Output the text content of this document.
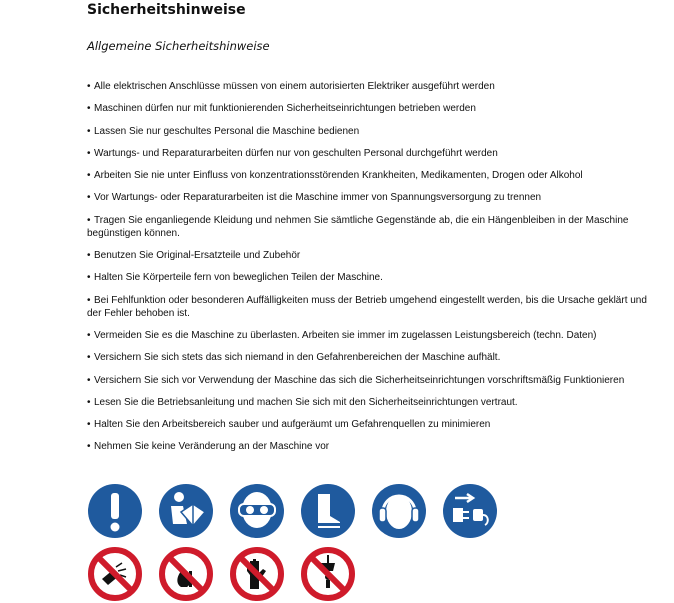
Sicherheitshinweise
Allgemeine Sicherheitshinweise
• Alle elektrischen Anschlüsse müssen von einem autorisierten Elektriker ausgeführt werden
• Maschinen dürfen nur mit funktionierenden Sicherheitseinrichtungen betrieben werden
• Lassen Sie nur geschultes Personal die Maschine bedienen
• Wartungs- und Reparaturarbeiten dürfen nur von geschulten Personal durchgeführt werden
• Arbeiten Sie nie unter Einfluss von konzentrationsstörenden Krankheiten, Medikamenten, Drogen oder Alkohol
• Vor Wartungs- oder Reparaturarbeiten ist die Maschine immer von Spannungsversorgung zu trennen
• Tragen Sie enganliegende Kleidung und nehmen Sie sämtliche Gegenstände ab, die ein Hängenbleiben in der Maschine begünstigen können.
• Benutzen Sie Original-Ersatzteile und Zubehör
• Halten Sie Körperteile fern von beweglichen Teilen der Maschine.
• Bei Fehlfunktion oder besonderen Auffälligkeiten muss der Betrieb umgehend eingestellt werden, bis die Ursache geklärt und der Fehler behoben ist.
• Vermeiden Sie es die Maschine zu überlasten. Arbeiten sie immer im zugelassen Leistungsbereich (techn. Daten)
• Versichern Sie sich stets das sich niemand in den Gefahrenbereichen der Maschine aufhält.
• Versichern Sie sich vor Verwendung der Maschine das sich die Sicherheitseinrichtungen vorschriftsmäßig Funktionieren
• Lesen Sie die Betriebsanleitung und machen Sie sich mit den Sicherheitseinrichtungen vertraut.
• Halten Sie den Arbeitsbereich sauber und aufgeräumt um Gefahrenquellen zu minimieren
• Nehmen Sie keine Veränderung an der Maschine vor
